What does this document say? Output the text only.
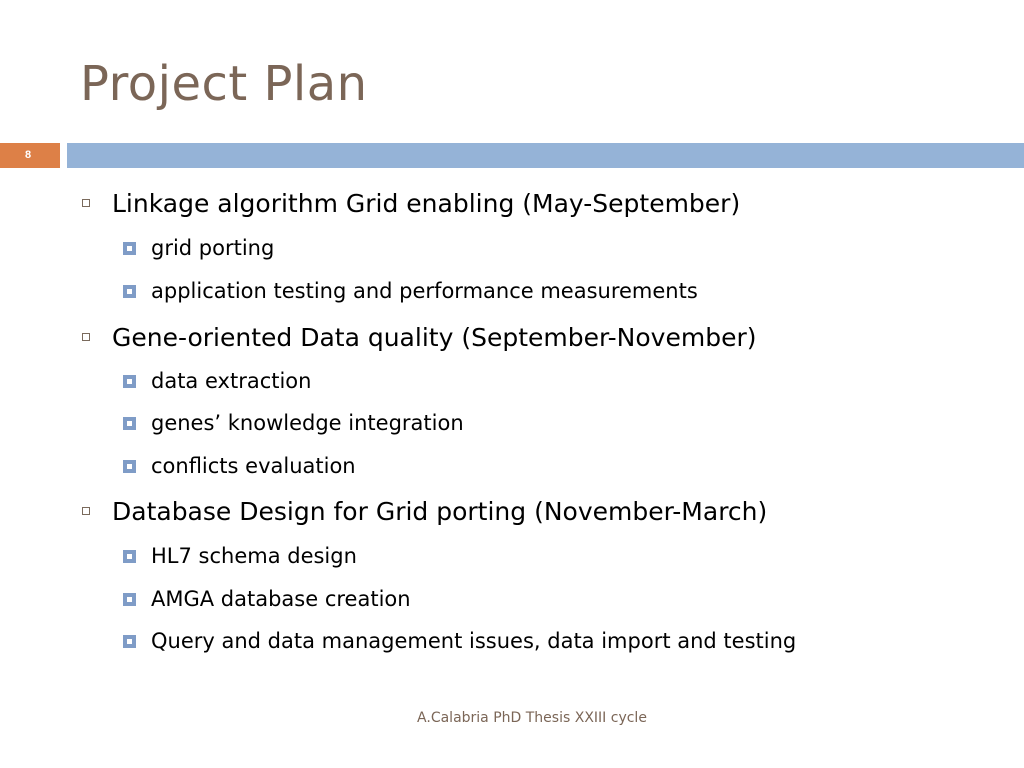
Project Plan
8
Linkage algorithm Grid enabling (May-September)
grid porting
application testing and performance measurements
Gene-oriented Data quality (September-November)
data extraction
genes’ knowledge integration
conflicts evaluation
Database Design for Grid porting (November-March)
HL7 schema design
AMGA database creation
Query and data management issues, data import and testing
A.Calabria PhD Thesis XXIII cycle
